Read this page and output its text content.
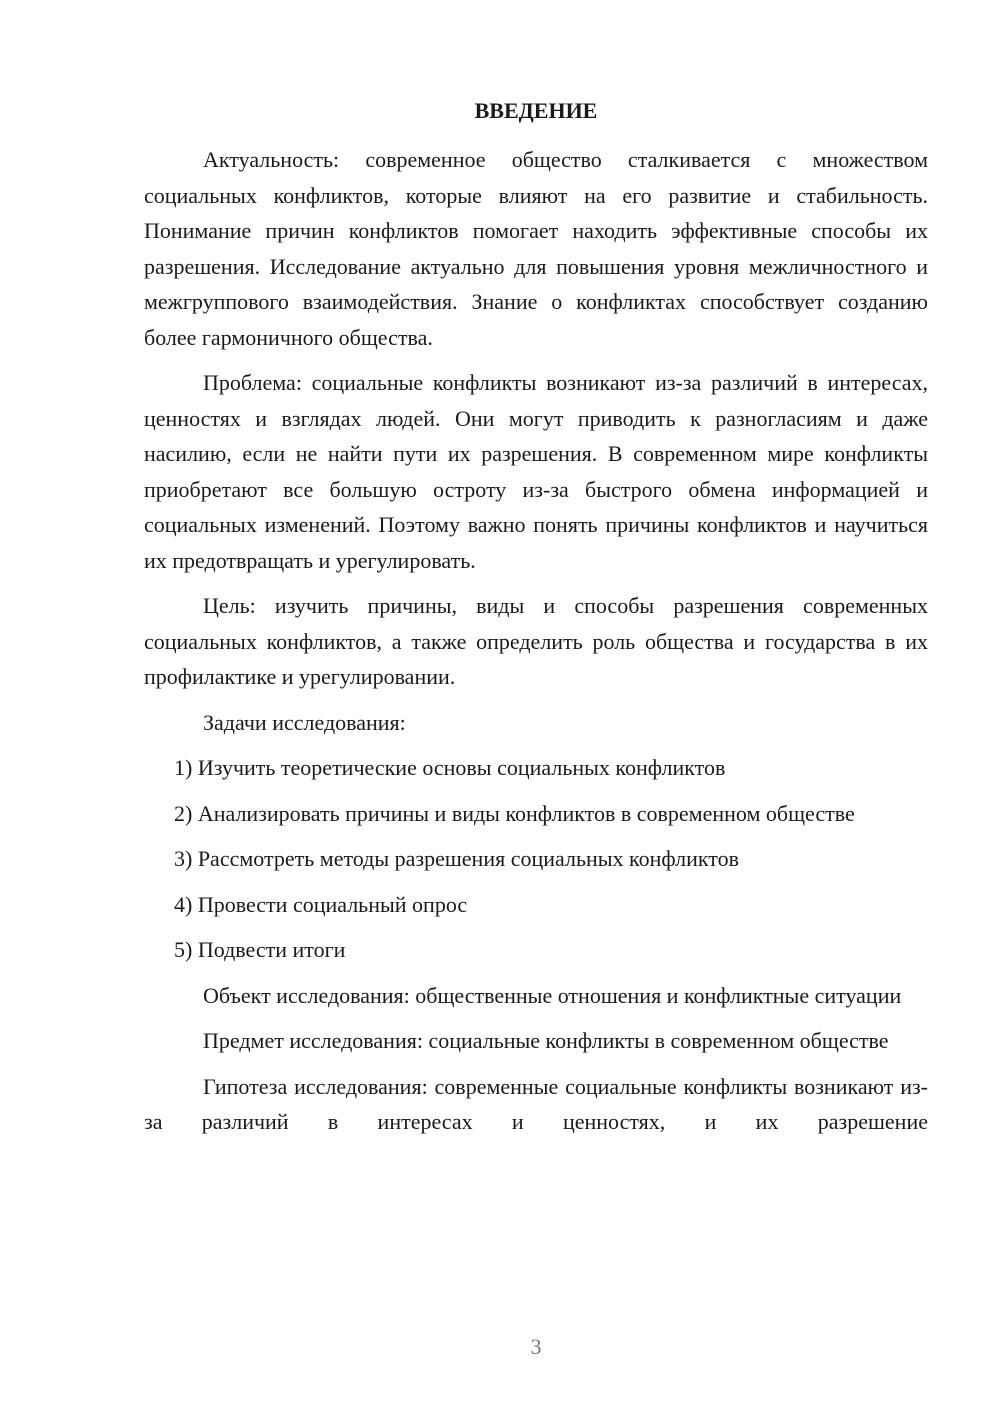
ВВЕДЕНИЕ

Актуальность: современное общество сталкивается с множеством социальных конфликтов, которые влияют на его развитие и стабильность. Понимание причин конфликтов помогает находить эффективные способы их разрешения. Исследование актуально для повышения уровня межличностного и межгруппового взаимодействия. Знание о конфликтах способствует созданию более гармоничного общества.

Проблема: социальные конфликты возникают из-за различий в интересах, ценностях и взглядах людей. Они могут приводить к разногласиям и даже насилию, если не найти пути их разрешения. В современном мире конфликты приобретают все большую остроту из-за быстрого обмена информацией и социальных изменений. Поэтому важно понять причины конфликтов и научиться их предотвращать и урегулировать.

Цель: изучить причины, виды и способы разрешения современных социальных конфликтов, а также определить роль общества и государства в их профилактике и урегулировании.

Задачи исследования:

1) Изучить теоретические основы социальных конфликтов

2) Анализировать причины и виды конфликтов в современном обществе

3) Рассмотреть методы разрешения социальных конфликтов

4) Провести социальный опрос

5) Подвести итоги

Объект исследования: общественные отношения и конфликтные ситуации

Предмет исследования: социальные конфликты в современном обществе

Гипотеза исследования: современные социальные конфликты возникают из-за различий в интересах и ценностях, и их разрешение

3
